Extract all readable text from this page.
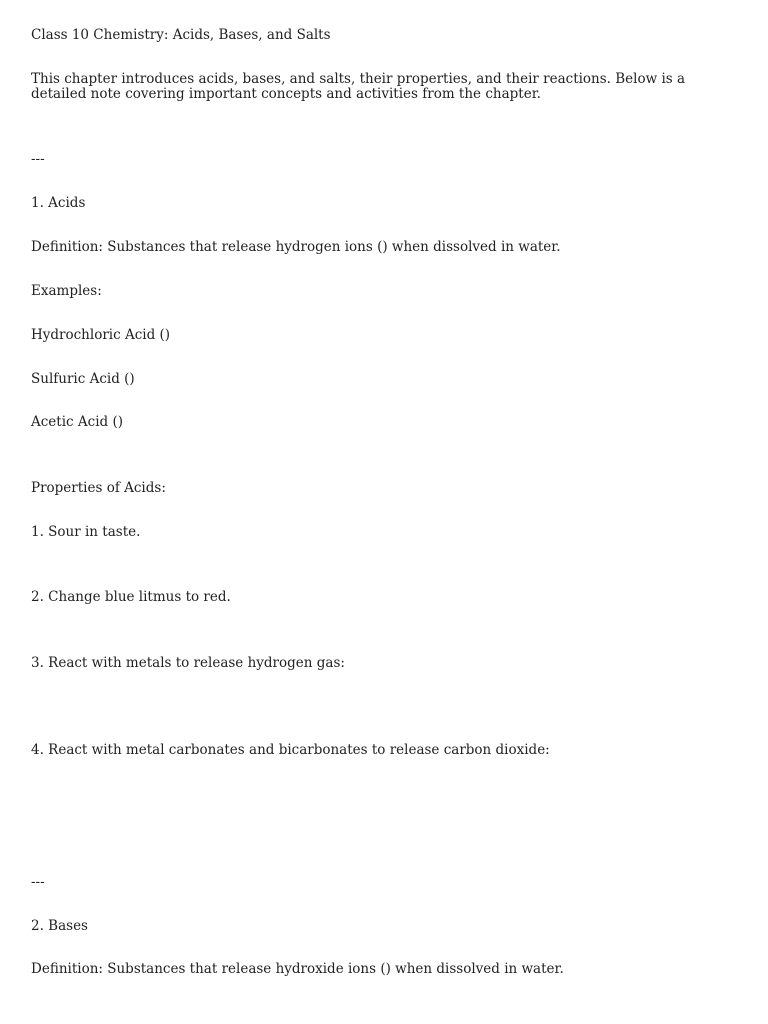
Class 10 Chemistry: Acids, Bases, and Salts
This chapter introduces acids, bases, and salts, their properties, and their reactions. Below is a detailed note covering important concepts and activities from the chapter.
---
1. Acids
Definition: Substances that release hydrogen ions () when dissolved in water.
Examples:
Hydrochloric Acid ()
Sulfuric Acid ()
Acetic Acid ()
Properties of Acids:
1. Sour in taste.
2. Change blue litmus to red.
3. React with metals to release hydrogen gas:
4. React with metal carbonates and bicarbonates to release carbon dioxide:
---
2. Bases
Definition: Substances that release hydroxide ions () when dissolved in water.
